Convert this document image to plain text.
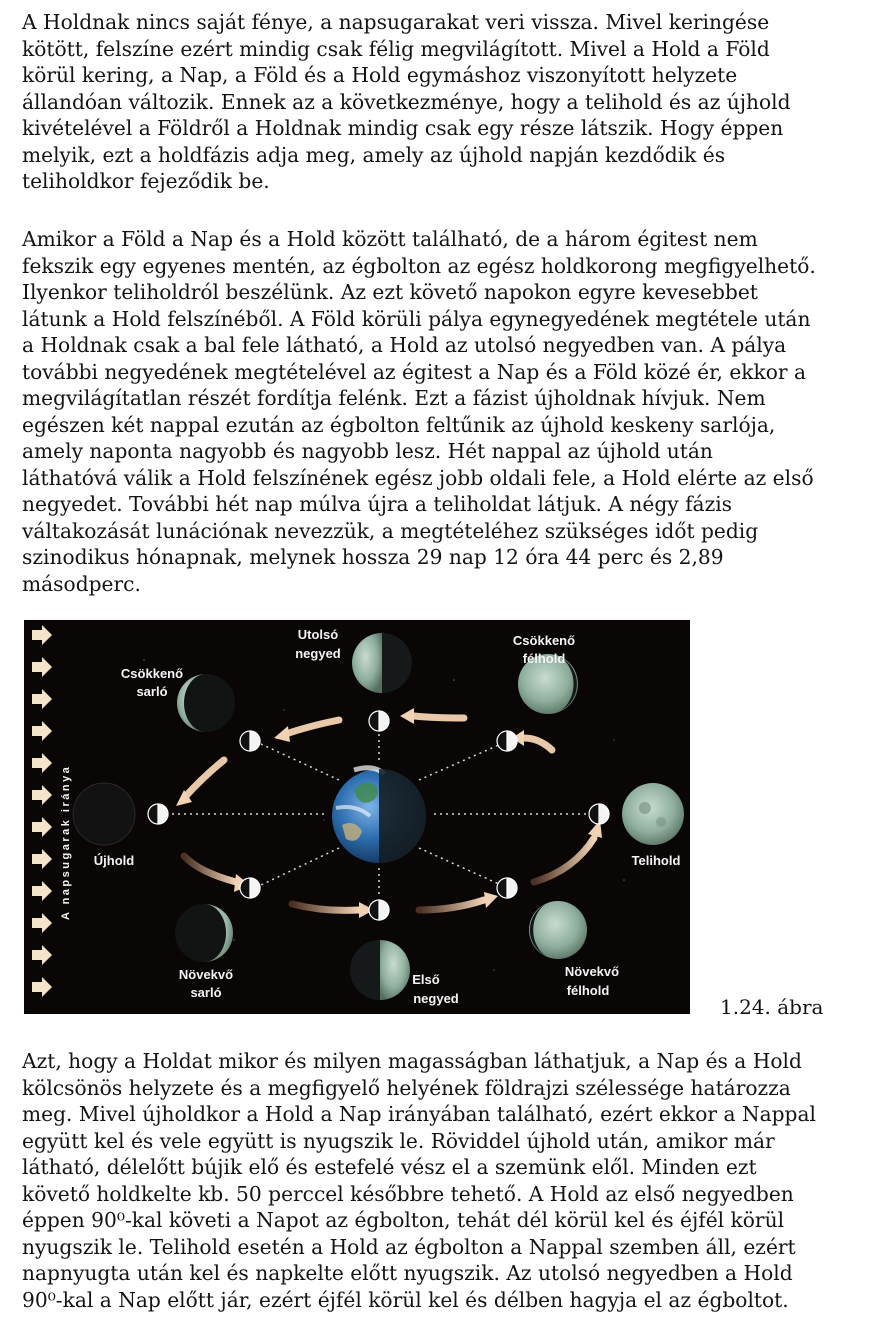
A Holdnak nincs saját fénye, a napsugarakat veri vissza. Mivel keringése
kötött, felszíne ezért mindig csak félig megvilágított. Mivel a Hold a Föld
körül kering, a Nap, a Föld és a Hold egymáshoz viszonyított helyzete
állandóan változik. Ennek az a következménye, hogy a telihold és az újhold
kivételével a Földről a Holdnak mindig csak egy része látszik. Hogy éppen
melyik, ezt a holdfázis adja meg, amely az újhold napján kezdődik és
teliholdkor fejeződik be.
Amikor a Föld a Nap és a Hold között található, de a három égitest nem
fekszik egy egyenes mentén, az égbolton az egész holdkorong megfigyelhető.
Ilyenkor teliholdról beszélünk. Az ezt követő napokon egyre kevesebbet
látunk a Hold felszínéből. A Föld körüli pálya egynegyedének megtétele után
a Holdnak csak a bal fele látható, a Hold az utolsó negyedben van. A pálya
további negyedének megtételével az égitest a Nap és a Föld közé ér, ekkor a
megvilágítatlan részét fordítja felénk. Ezt a fázist újholdnak hívjuk. Nem
egészen két nappal ezután az égbolton feltűnik az újhold keskeny sarlója,
amely naponta nagyobb és nagyobb lesz. Hét nappal az újhold után
láthatóvá válik a Hold felszínének egész jobb oldali fele, a Hold elérte az első
negyedet. További hét nap múlva újra a teliholdat látjuk. A négy fázis
váltakozását lunációnak nevezzük, a megtételéhez szükséges időt pedig
szinodikus hónapnak, melynek hossza 29 nap 12 óra 44 perc és 2,89
másodperc.
A napsugarak iránya
Utolsó
negyed
Csökkenő
félhold
Csökkenő
sarló
Újhold	Telihold
Növekvő
sarló
Első
negyed
Növekvő
félhold
1.24. ábra
Azt, hogy a Holdat mikor és milyen magasságban láthatjuk, a Nap és a Hold
kölcsönös helyzete és a megfigyelő helyének földrajzi szélessége határozza
meg. Mivel újholdkor a Hold a Nap irányában található, ezért ekkor a Nappal
együtt kel és vele együtt is nyugszik le. Röviddel újhold után, amikor már
látható, délelőtt bújik elő és estefelé vész el a szemünk elől. Minden ezt
követő holdkelte kb. 50 perccel későbbre tehető. A Hold az első negyedben
éppen 90⁰-kal követi a Napot az égbolton, tehát dél körül kel és éjfél körül
nyugszik le. Telihold esetén a Hold az égbolton a Nappal szemben áll, ezért
napnyugta után kel és napkelte előtt nyugszik. Az utolsó negyedben a Hold
90⁰-kal a Nap előtt jár, ezért éjfél körül kel és délben hagyja el az égboltot.
